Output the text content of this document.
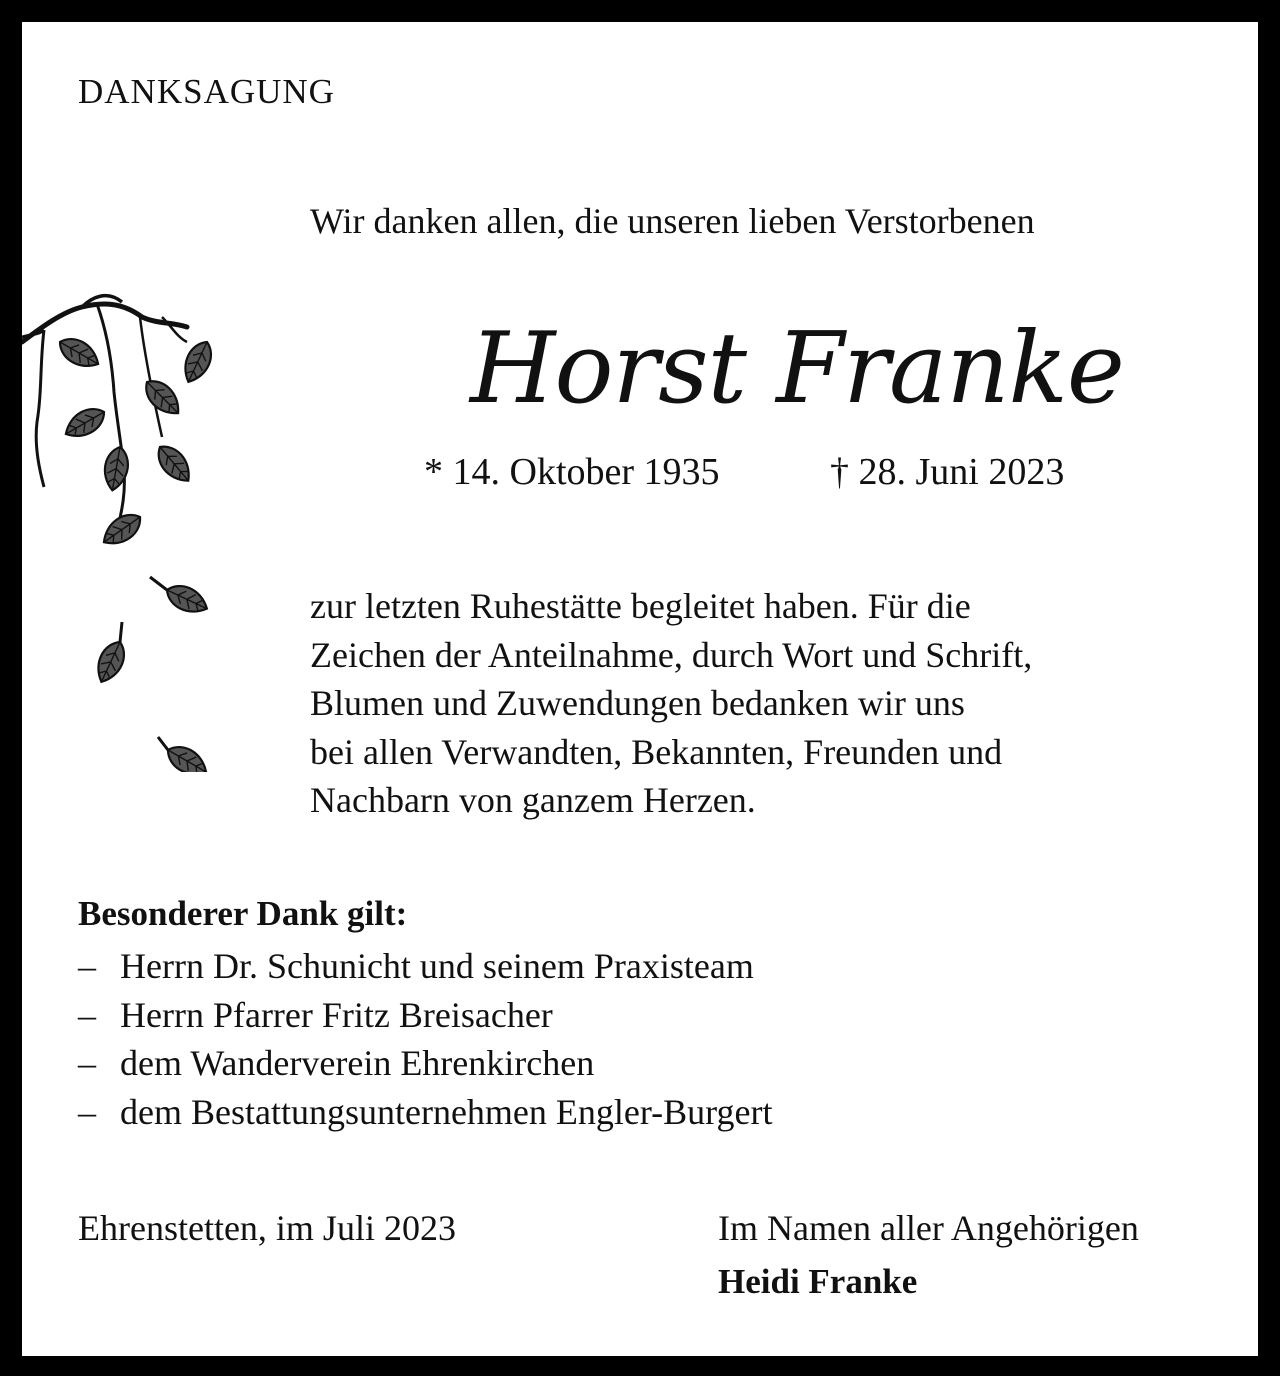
DANKSAGUNG
Wir danken allen, die unseren lieben Verstorbenen
Horst Franke
* 14. Oktober 1935	† 28. Juni 2023
zur letzten Ruhestätte begleitet haben. Für die
Zeichen der Anteilnahme, durch Wort und Schrift,
Blumen und Zuwendungen bedanken wir uns
bei allen Verwandten, Bekannten, Freunden und
Nachbarn von ganzem Herzen.
Besonderer Dank gilt:
– Herrn Dr. Schunicht und seinem Praxisteam
– Herrn Pfarrer Fritz Breisacher
– dem Wanderverein Ehrenkirchen
– dem Bestattungsunternehmen Engler-Burgert
Ehrenstetten, im Juli 2023	Im Namen aller Angehörigen
Heidi Franke
